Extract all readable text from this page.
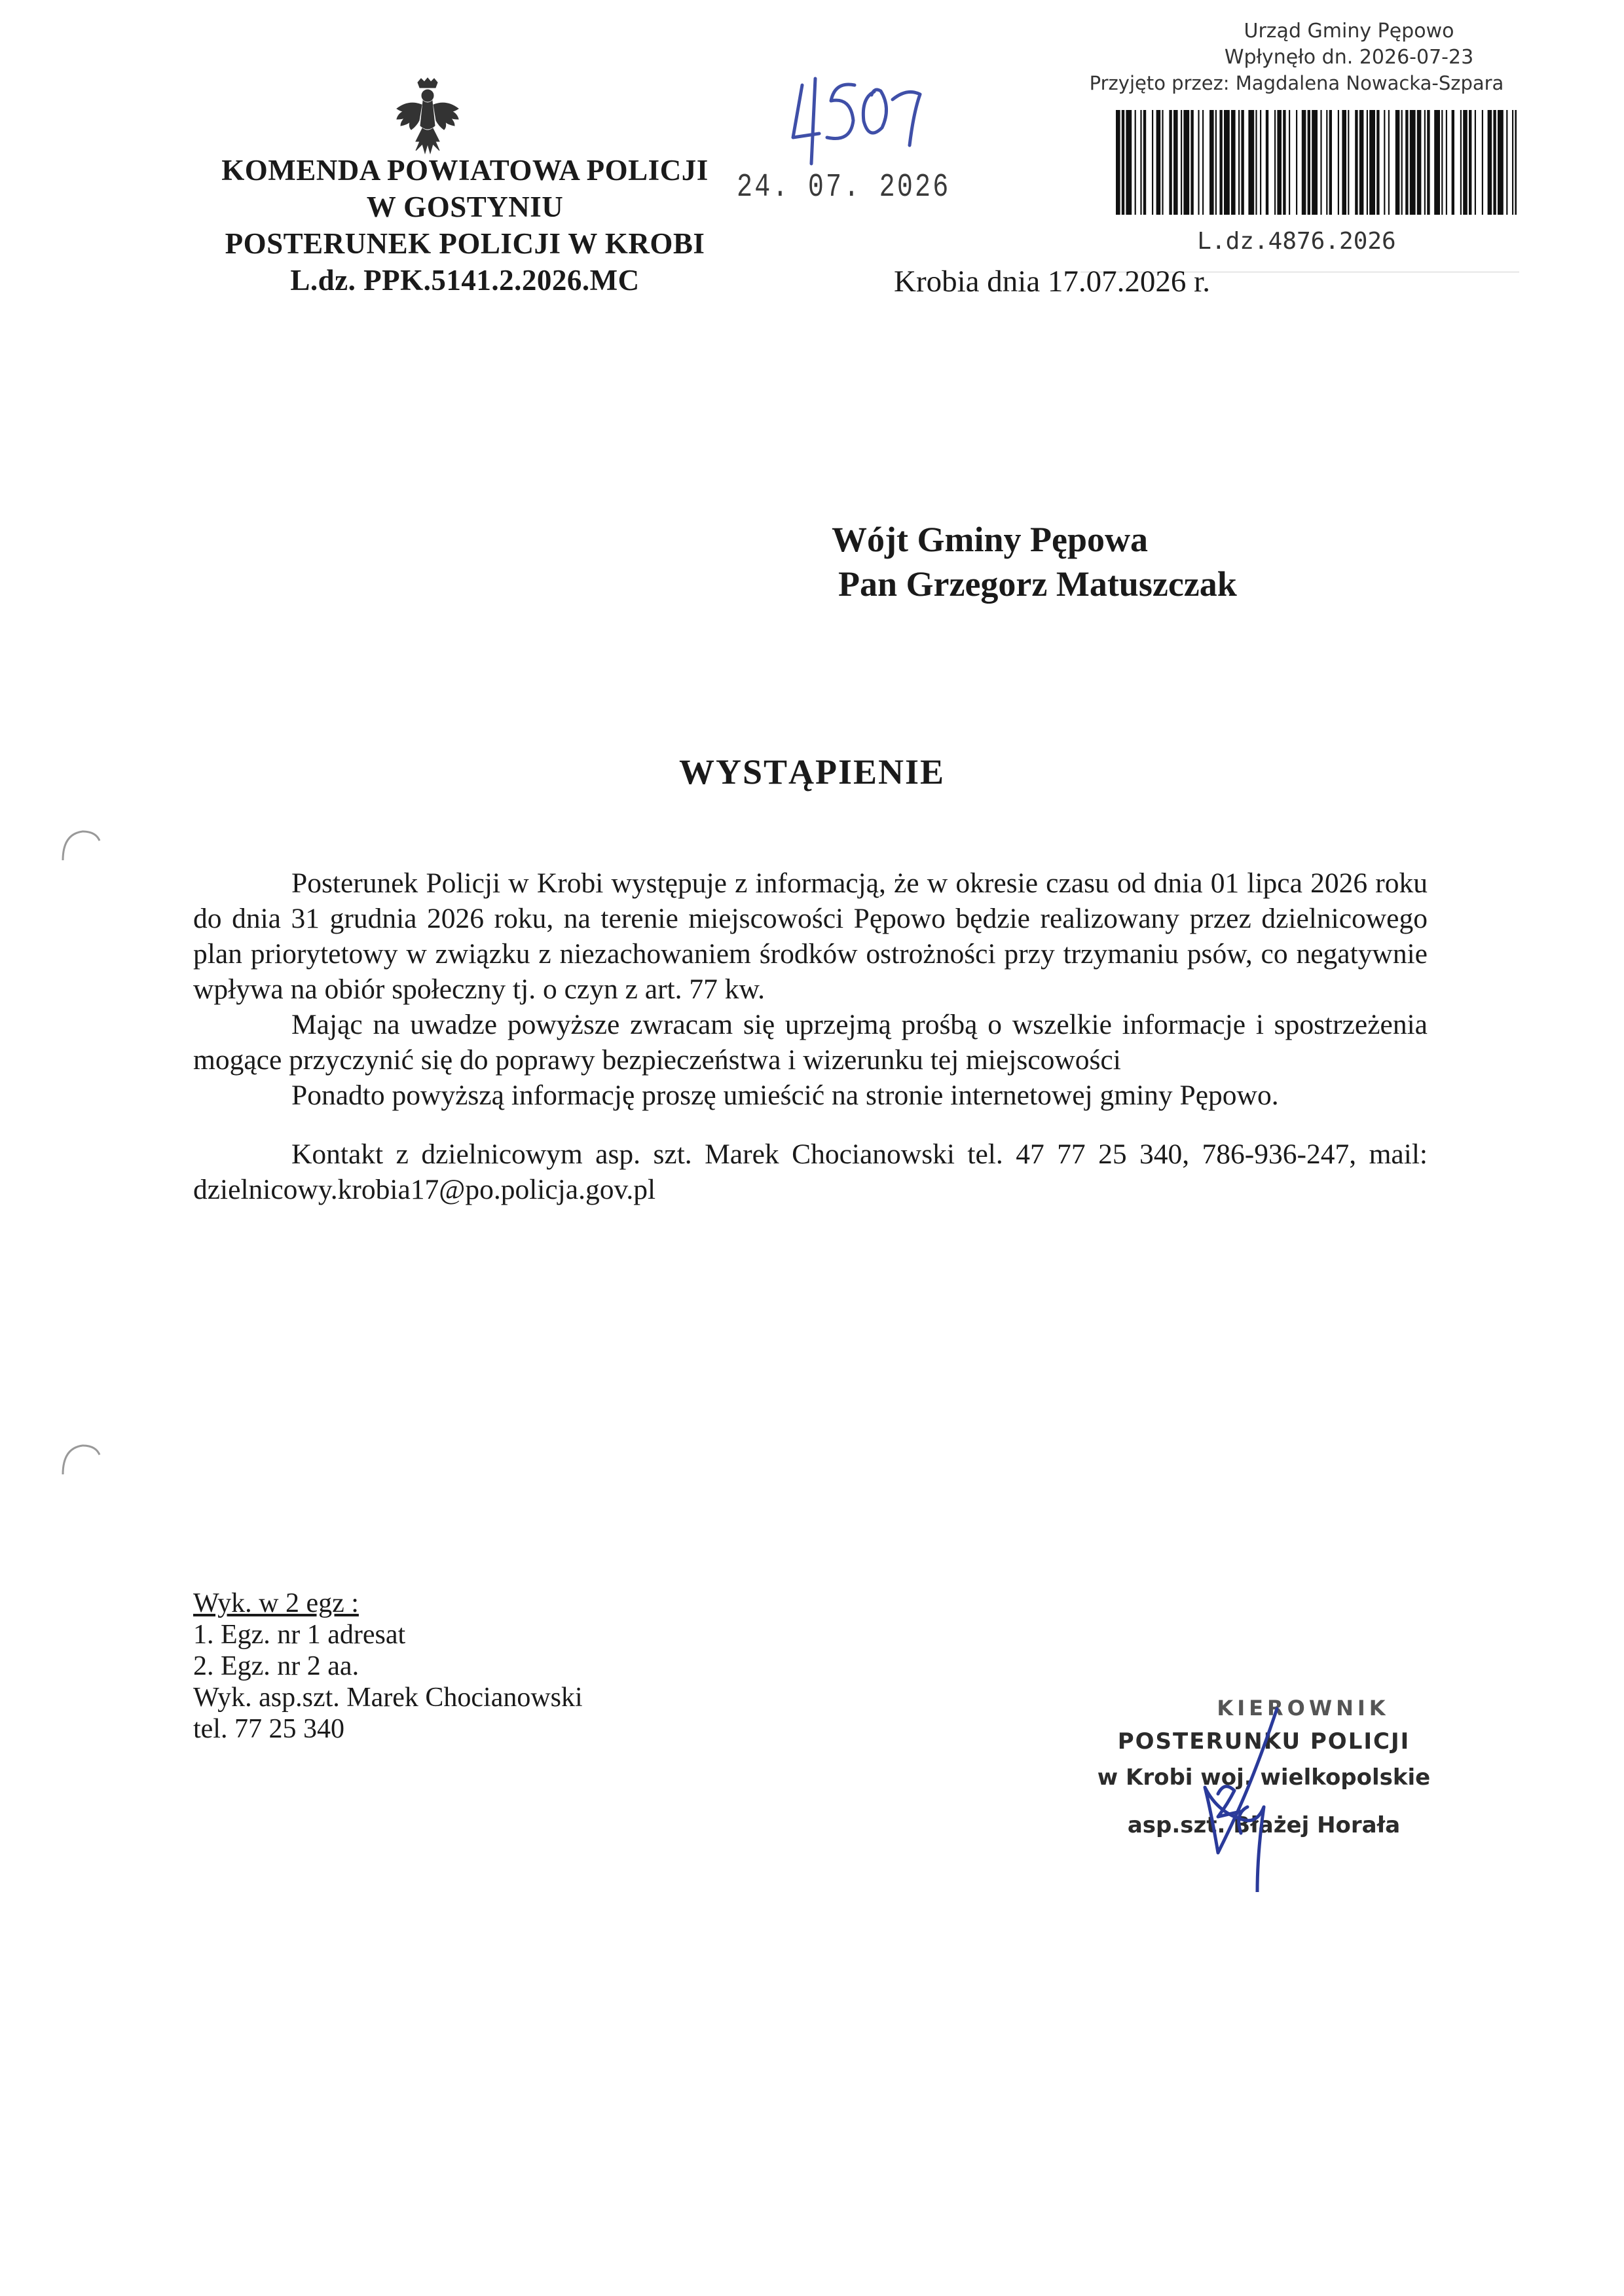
KOMENDA POWIATOWA POLICJI
W GOSTYNIU
POSTERUNEK POLICJI W KROBI
L.dz. PPK.5141.2.2026.MC
Urząd Gminy Pępowo
Wpłynęło dn. 2026-07-23
Przyjęto przez: Magdalena Nowacka-Szpara
L.dz.4876.2026
24. 07. 2026
Krobia dnia 17.07.2026 r.
Wójt Gminy Pępowa
Pan Grzegorz Matuszczak
WYSTĄPIENIE

Posterunek Policji w Krobi występuje z informacją, że w okresie czasu od dnia 01 lipca 2026 roku do dnia 31 grudnia 2026 roku, na terenie miejscowości Pępowo będzie realizowany przez dzielnicowego plan priorytetowy w związku z niezachowaniem środków ostrożności przy trzymaniu psów, co negatywnie wpływa na obiór społeczny tj. o czyn z art. 77 kw.

Mając na uwadze powyższe zwracam się uprzejmą prośbą o wszelkie informacje i spostrzeżenia mogące przyczynić się do poprawy bezpieczeństwa i wizerunku tej miejscowości

Ponadto powyższą informację proszę umieścić na stronie internetowej gminy Pępowo.

Kontakt z dzielnicowym asp. szt. Marek Chocianowski tel. 47 77 25 340, 786-936-247, mail: dzielnicowy.krobia17@po.policja.gov.pl

Wyk. w 2 egz :
1. Egz. nr 1 adresat
2. Egz. nr 2 aa.
Wyk. asp.szt. Marek Chocianowski
tel. 77 25 340
KIEROWNIK
POSTERUNKU POLICJI
w Krobi woj. wielkopolskie
asp.szt. Błażej Horała
